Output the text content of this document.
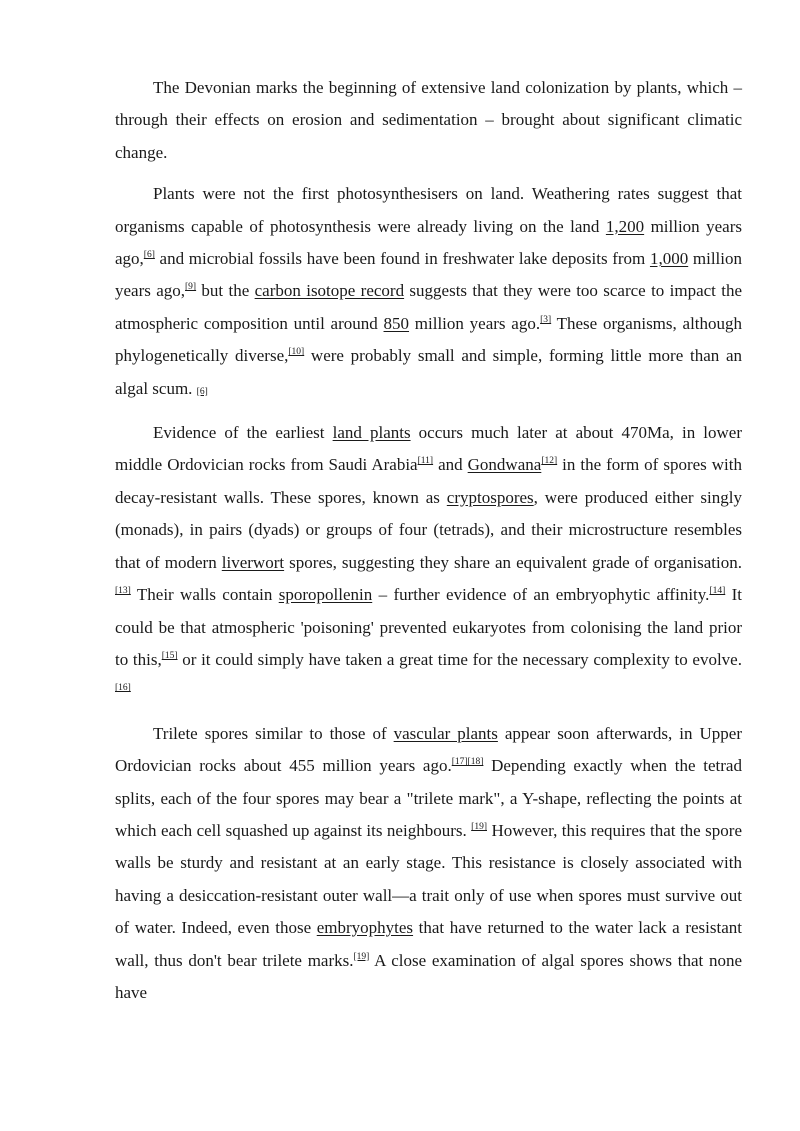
The Devonian marks the beginning of extensive land colonization by plants, which – through their effects on erosion and sedimentation – brought about significant climatic change.

Plants were not the first photosynthesisers on land. Weathering rates suggest that organisms capable of photosynthesis were already living on the land 1,200 million years ago,[6] and microbial fossils have been found in freshwater lake deposits from 1,000 million years ago,[9] but the carbon isotope record suggests that they were too scarce to impact the atmospheric composition until around 850 million years ago.[3] These organisms, although phylogenetically diverse,[10] were probably small and simple, forming little more than an algal scum. [6]

Evidence of the earliest land plants occurs much later at about 470Ma, in lower middle Ordovician rocks from Saudi Arabia[11] and Gondwana[12] in the form of spores with decay-resistant walls. These spores, known as cryptospores, were produced either singly (monads), in pairs (dyads) or groups of four (tetrads), and their microstructure resembles that of modern liverwort spores, suggesting they share an equivalent grade of organisation.[13] Their walls contain sporopollenin – further evidence of an embryophytic affinity.[14] It could be that atmospheric 'poisoning' prevented eukaryotes from colonising the land prior to this,[15] or it could simply have taken a great time for the necessary complexity to evolve.[16]

Trilete spores similar to those of vascular plants appear soon afterwards, in Upper Ordovician rocks about 455 million years ago.[17][18] Depending exactly when the tetrad splits, each of the four spores may bear a "trilete mark", a Y-shape, reflecting the points at which each cell squashed up against its neighbours. [19] However, this requires that the spore walls be sturdy and resistant at an early stage. This resistance is closely associated with having a desiccation-resistant outer wall—a trait only of use when spores must survive out of water. Indeed, even those embryophytes that have returned to the water lack a resistant wall, thus don't bear trilete marks.[19] A close examination of algal spores shows that none have
